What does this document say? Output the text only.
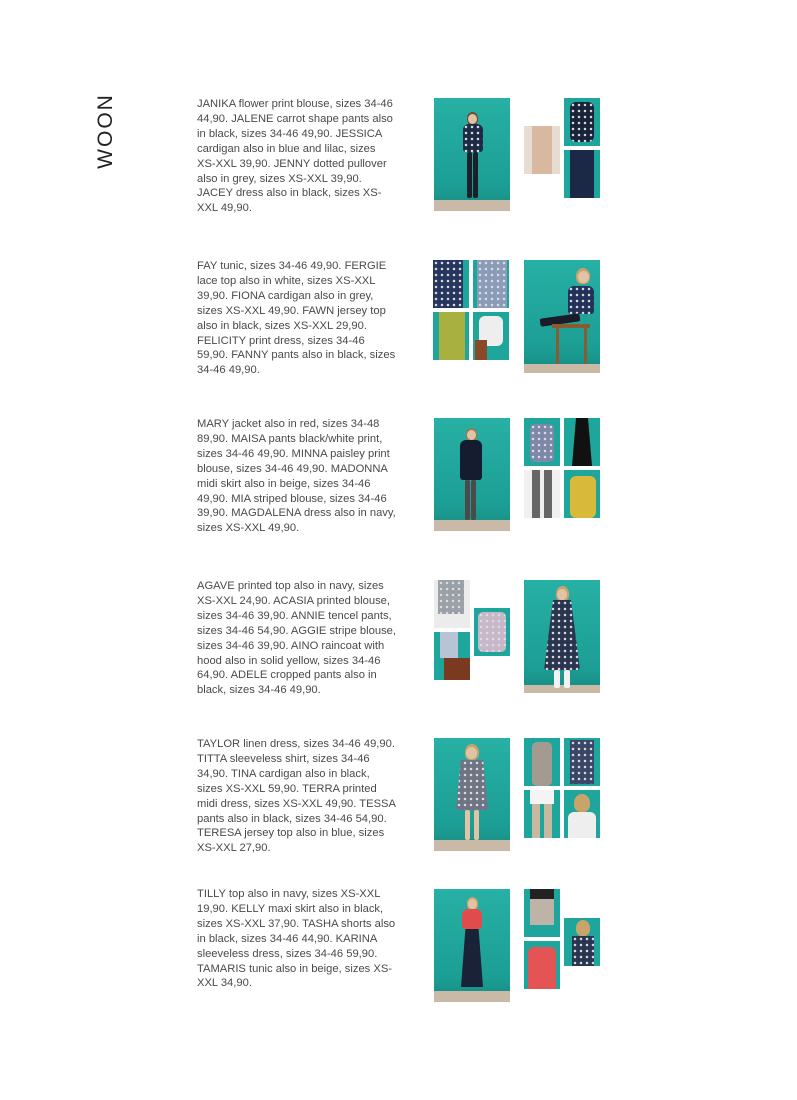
WOON	JANIKA flower print blouse, sizes 34-46 44,90. JALENE carrot shape pants also in black, sizes 34-46 49,90. JESSICA cardigan also in blue and lilac, sizes XS-XXL 39,90. JENNY dotted pullover also in grey, sizes XS-XXL 39,90. JACEY dress also in black, sizes XS-XXL 49,90.

FAY tunic, sizes 34-46 49,90. FERGIE lace top also in white, sizes XS-XXL 39,90. FIONA cardigan also in grey, sizes XS-XXL 49,90. FAWN jersey top also in black, sizes XS-XXL 29,90. FELICITY print dress, sizes 34-46 59,90. FANNY pants also in black, sizes 34-46 49,90.

MARY jacket also in red, sizes 34-48 89,90. MAISA pants black/white print, sizes 34-46 49,90. MINNA paisley print blouse, sizes 34-46 49,90. MADONNA midi skirt also in beige, sizes 34-46 49,90. MIA striped blouse, sizes 34-46 39,90. MAGDALENA dress also in navy, sizes XS-XXL 49,90.

AGAVE printed top also in navy, sizes XS-XXL 24,90. ACASIA printed blouse, sizes 34-46 39,90. ANNIE tencel pants, sizes 34-46 54,90. AGGIE stripe blouse, sizes 34-46 39,90. AINO raincoat with hood also in solid yellow, sizes 34-46 64,90. ADELE cropped pants also in black, sizes 34-46 49,90.

TAYLOR linen dress, sizes 34-46 49,90. TITTA sleeveless shirt, sizes 34-46 34,90. TINA cardigan also in black, sizes XS-XXL 59,90. TERRA printed midi dress, sizes XS-XXL 49,90. TESSA pants also in black, sizes 34-46 54,90. TERESA jersey top also in blue, sizes XS-XXL 27,90.

TILLY top also in navy, sizes XS-XXL 19,90. KELLY maxi skirt also in black, sizes XS-XXL 37,90. TASHA shorts also in black, sizes 34-46 44,90. KARINA sleeveless dress, sizes 34-46 59,90. TAMARIS tunic also in beige, sizes XS-XXL 34,90.
